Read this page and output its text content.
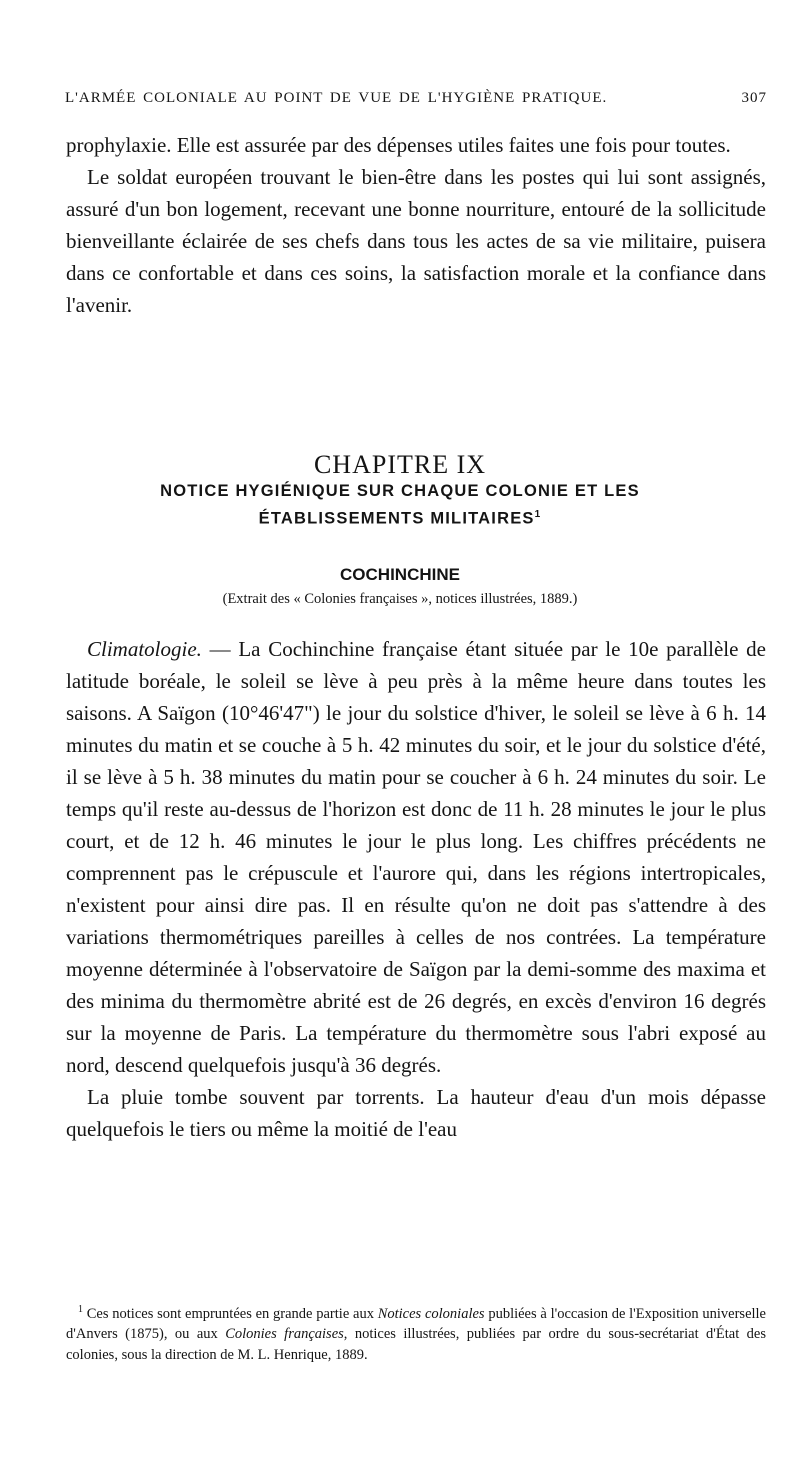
L'ARMÉE COLONIALE AU POINT DE VUE DE L'HYGIÈNE PRATIQUE.	307

prophylaxie. Elle est assurée par des dépenses utiles faites une fois pour toutes.

Le soldat européen trouvant le bien-être dans les postes qui lui sont assignés, assuré d'un bon logement, recevant une bonne nourriture, entouré de la sollicitude bienveillante éclairée de ses chefs dans tous les actes de sa vie militaire, puisera dans ce confortable et dans ces soins, la satisfaction morale et la confiance dans l'avenir.

CHAPITRE IX
NOTICE HYGIÉNIQUE SUR CHAQUE COLONIE ET LES
ÉTABLISSEMENTS MILITAIRES$^1$
COCHINCHINE
(Extrait des « Colonies françaises », notices illustrées, 1889.)

Climatologie. — La Cochinchine française étant située par le 10e parallèle de latitude boréale, le soleil se lève à peu près à la même heure dans toutes les saisons. A Saïgon (10°46'47") le jour du solstice d'hiver, le soleil se lève à 6 h. 14 minutes du matin et se couche à 5 h. 42 minutes du soir, et le jour du solstice d'été, il se lève à 5 h. 38 minutes du matin pour se coucher à 6 h. 24 minutes du soir. Le temps qu'il reste au-dessus de l'horizon est donc de 11 h. 28 minutes le jour le plus court, et de 12 h. 46 minutes le jour le plus long. Les chiffres précédents ne comprennent pas le crépuscule et l'aurore qui, dans les régions intertropicales, n'existent pour ainsi dire pas. Il en résulte qu'on ne doit pas s'attendre à des variations thermométriques pareilles à celles de nos contrées. La température moyenne déterminée à l'observatoire de Saïgon par la demi-somme des maxima et des minima du thermomètre abrité est de 26 degrés, en excès d'environ 16 degrés sur la moyenne de Paris. La température du thermomètre sous l'abri exposé au nord, descend quelquefois jusqu'à 36 degrés.

La pluie tombe souvent par torrents. La hauteur d'eau d'un mois dépasse quelquefois le tiers ou même la moitié de l'eau

$^1$ Ces notices sont empruntées en grande partie aux Notices coloniales publiées à l'occasion de l'Exposition universelle d'Anvers (1875), ou aux Colonies françaises, notices illustrées, publiées par ordre du sous-secrétariat d'État des colonies, sous la direction de M. L. Henrique, 1889.
